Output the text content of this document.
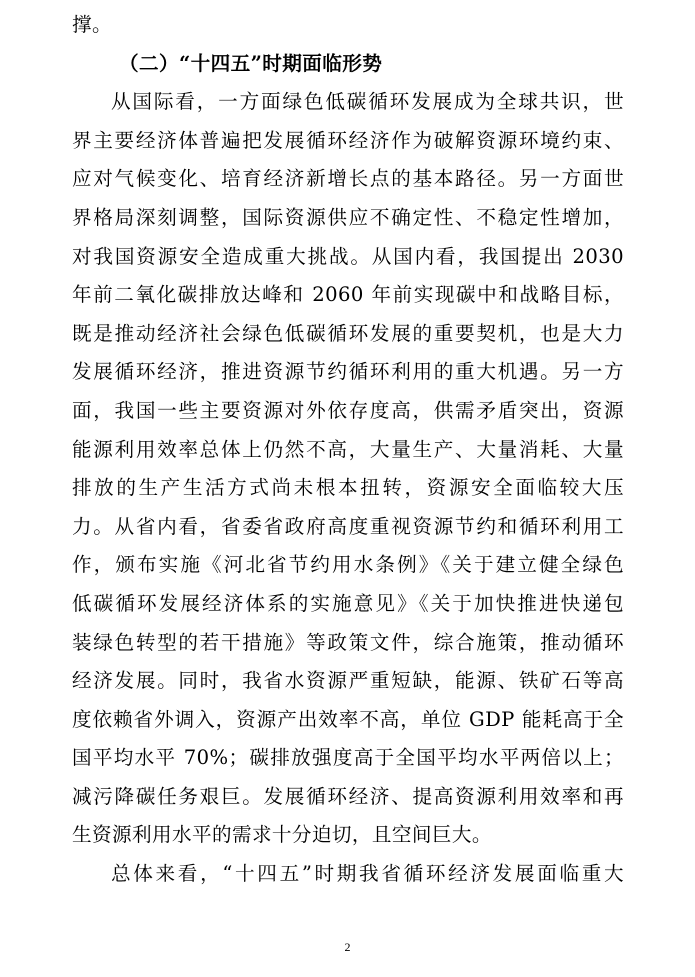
撑。
（二）“十四五”时期面临形势
从国际看，一方面绿色低碳循环发展成为全球共识，世
界主要经济体普遍把发展循环经济作为破解资源环境约束、
应对气候变化、培育经济新增长点的基本路径。另一方面世
界格局深刻调整，国际资源供应不确定性、不稳定性增加，
对我国资源安全造成重大挑战。从国内看，我国提出 2030
年前二氧化碳排放达峰和 2060 年前实现碳中和战略目标，
既是推动经济社会绿色低碳循环发展的重要契机，也是大力
发展循环经济，推进资源节约循环利用的重大机遇。另一方
面，我国一些主要资源对外依存度高，供需矛盾突出，资源
能源利用效率总体上仍然不高，大量生产、大量消耗、大量
排放的生产生活方式尚未根本扭转，资源安全面临较大压
力。从省内看，省委省政府高度重视资源节约和循环利用工
作，颁布实施《河北省节约用水条例》《关于建立健全绿色
低碳循环发展经济体系的实施意见》《关于加快推进快递包
装绿色转型的若干措施》等政策文件，综合施策，推动循环
经济发展。同时，我省水资源严重短缺，能源、铁矿石等高
度依赖省外调入，资源产出效率不高，单位 GDP 能耗高于全
国平均水平 70%；碳排放强度高于全国平均水平两倍以上；
减污降碳任务艰巨。发展循环经济、提高资源利用效率和再
生资源利用水平的需求十分迫切，且空间巨大。
总体来看，“十四五”时期我省循环经济发展面临重大
2
